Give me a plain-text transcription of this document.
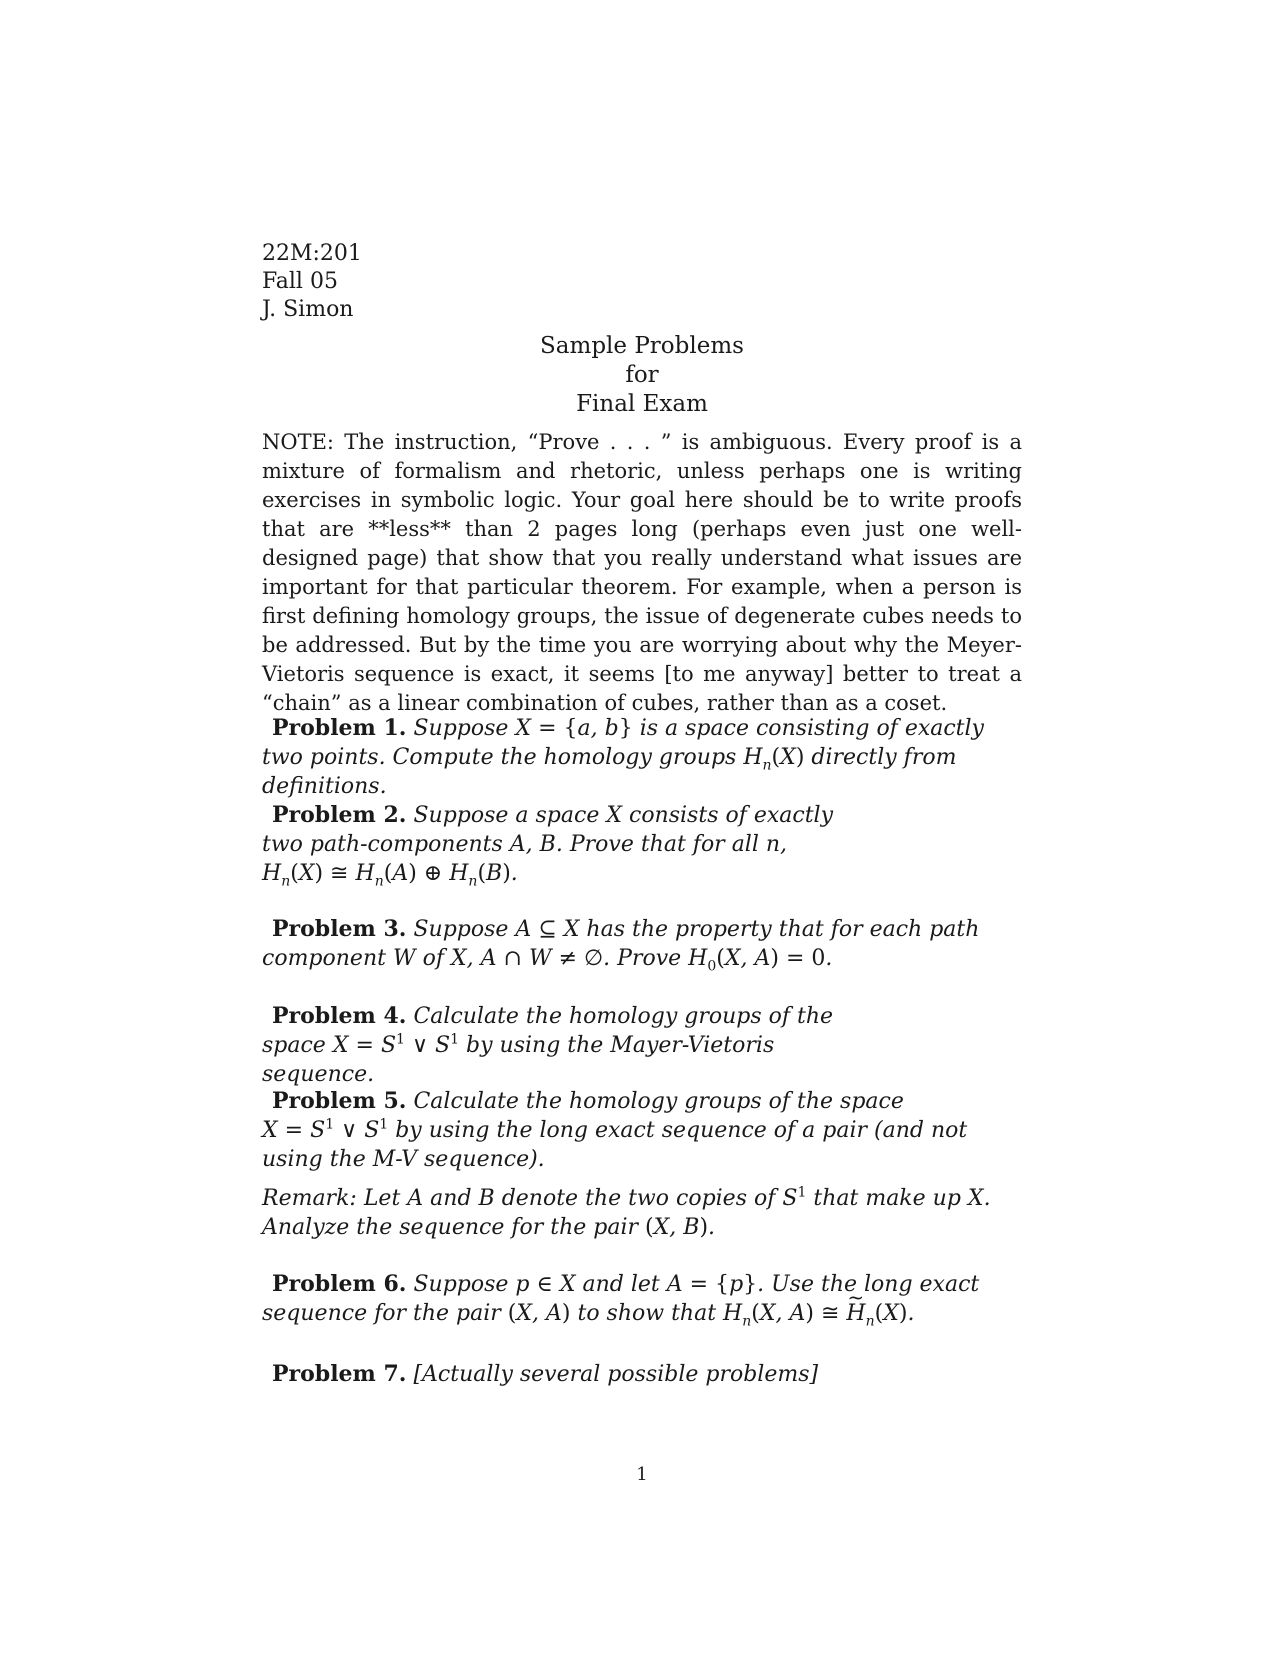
22M:201
Fall 05
J. Simon
Sample Problems
for
Final Exam
NOTE: The instruction, “Prove . . . ” is ambiguous. Every proof is a mixture of formalism and rhetoric, unless perhaps one is writing exercises in symbolic logic. Your goal here should be to write proofs that are **less** than 2 pages long (perhaps even just one well-designed page) that show that you really understand what issues are important for that particular theorem. For example, when a person is first defining homology groups, the issue of degenerate cubes needs to be addressed. But by the time you are worrying about why the Meyer-Vietoris sequence is exact, it seems [to me anyway] better to treat a “chain” as a linear combination of cubes, rather than as a coset.
Problem 1. Suppose X = {a, b} is a space consisting of exactly two points. Compute the homology groups $H_n(X)$ directly from definitions.
Problem 2. Suppose a space X consists of exactly two path-components A, B. Prove that for all n,
$H_n(X)$ ≅ $H_n(A)$ ⊕ $H_n(B)$.
Problem 3. Suppose A ⊆ X has the property that for each path component W of X, A ∩ W ≠ ∅. Prove $H_0(X$, A) = 0.
Problem 4. Calculate the homology groups of the space $X = S^1$ ∨ $S^1$ by using the Mayer-Vietoris sequence.
Problem 5. Calculate the homology groups of the space
$X = S^1$ ∨ $S^1$ by using the long exact sequence of a pair (and not using the M-V sequence).
Remark: Let A and B denote the two copies of $S^1$ that make up X. Analyze the sequence for the pair (X, B).
Problem 6. Suppose p ∈ X and let A = {p}. Use the long exact sequence for the pair (X, A) to show that $H_n(X$, A) ≅ ~ $H_n(X)$.
Problem 7. [Actually several possible problems]
1
